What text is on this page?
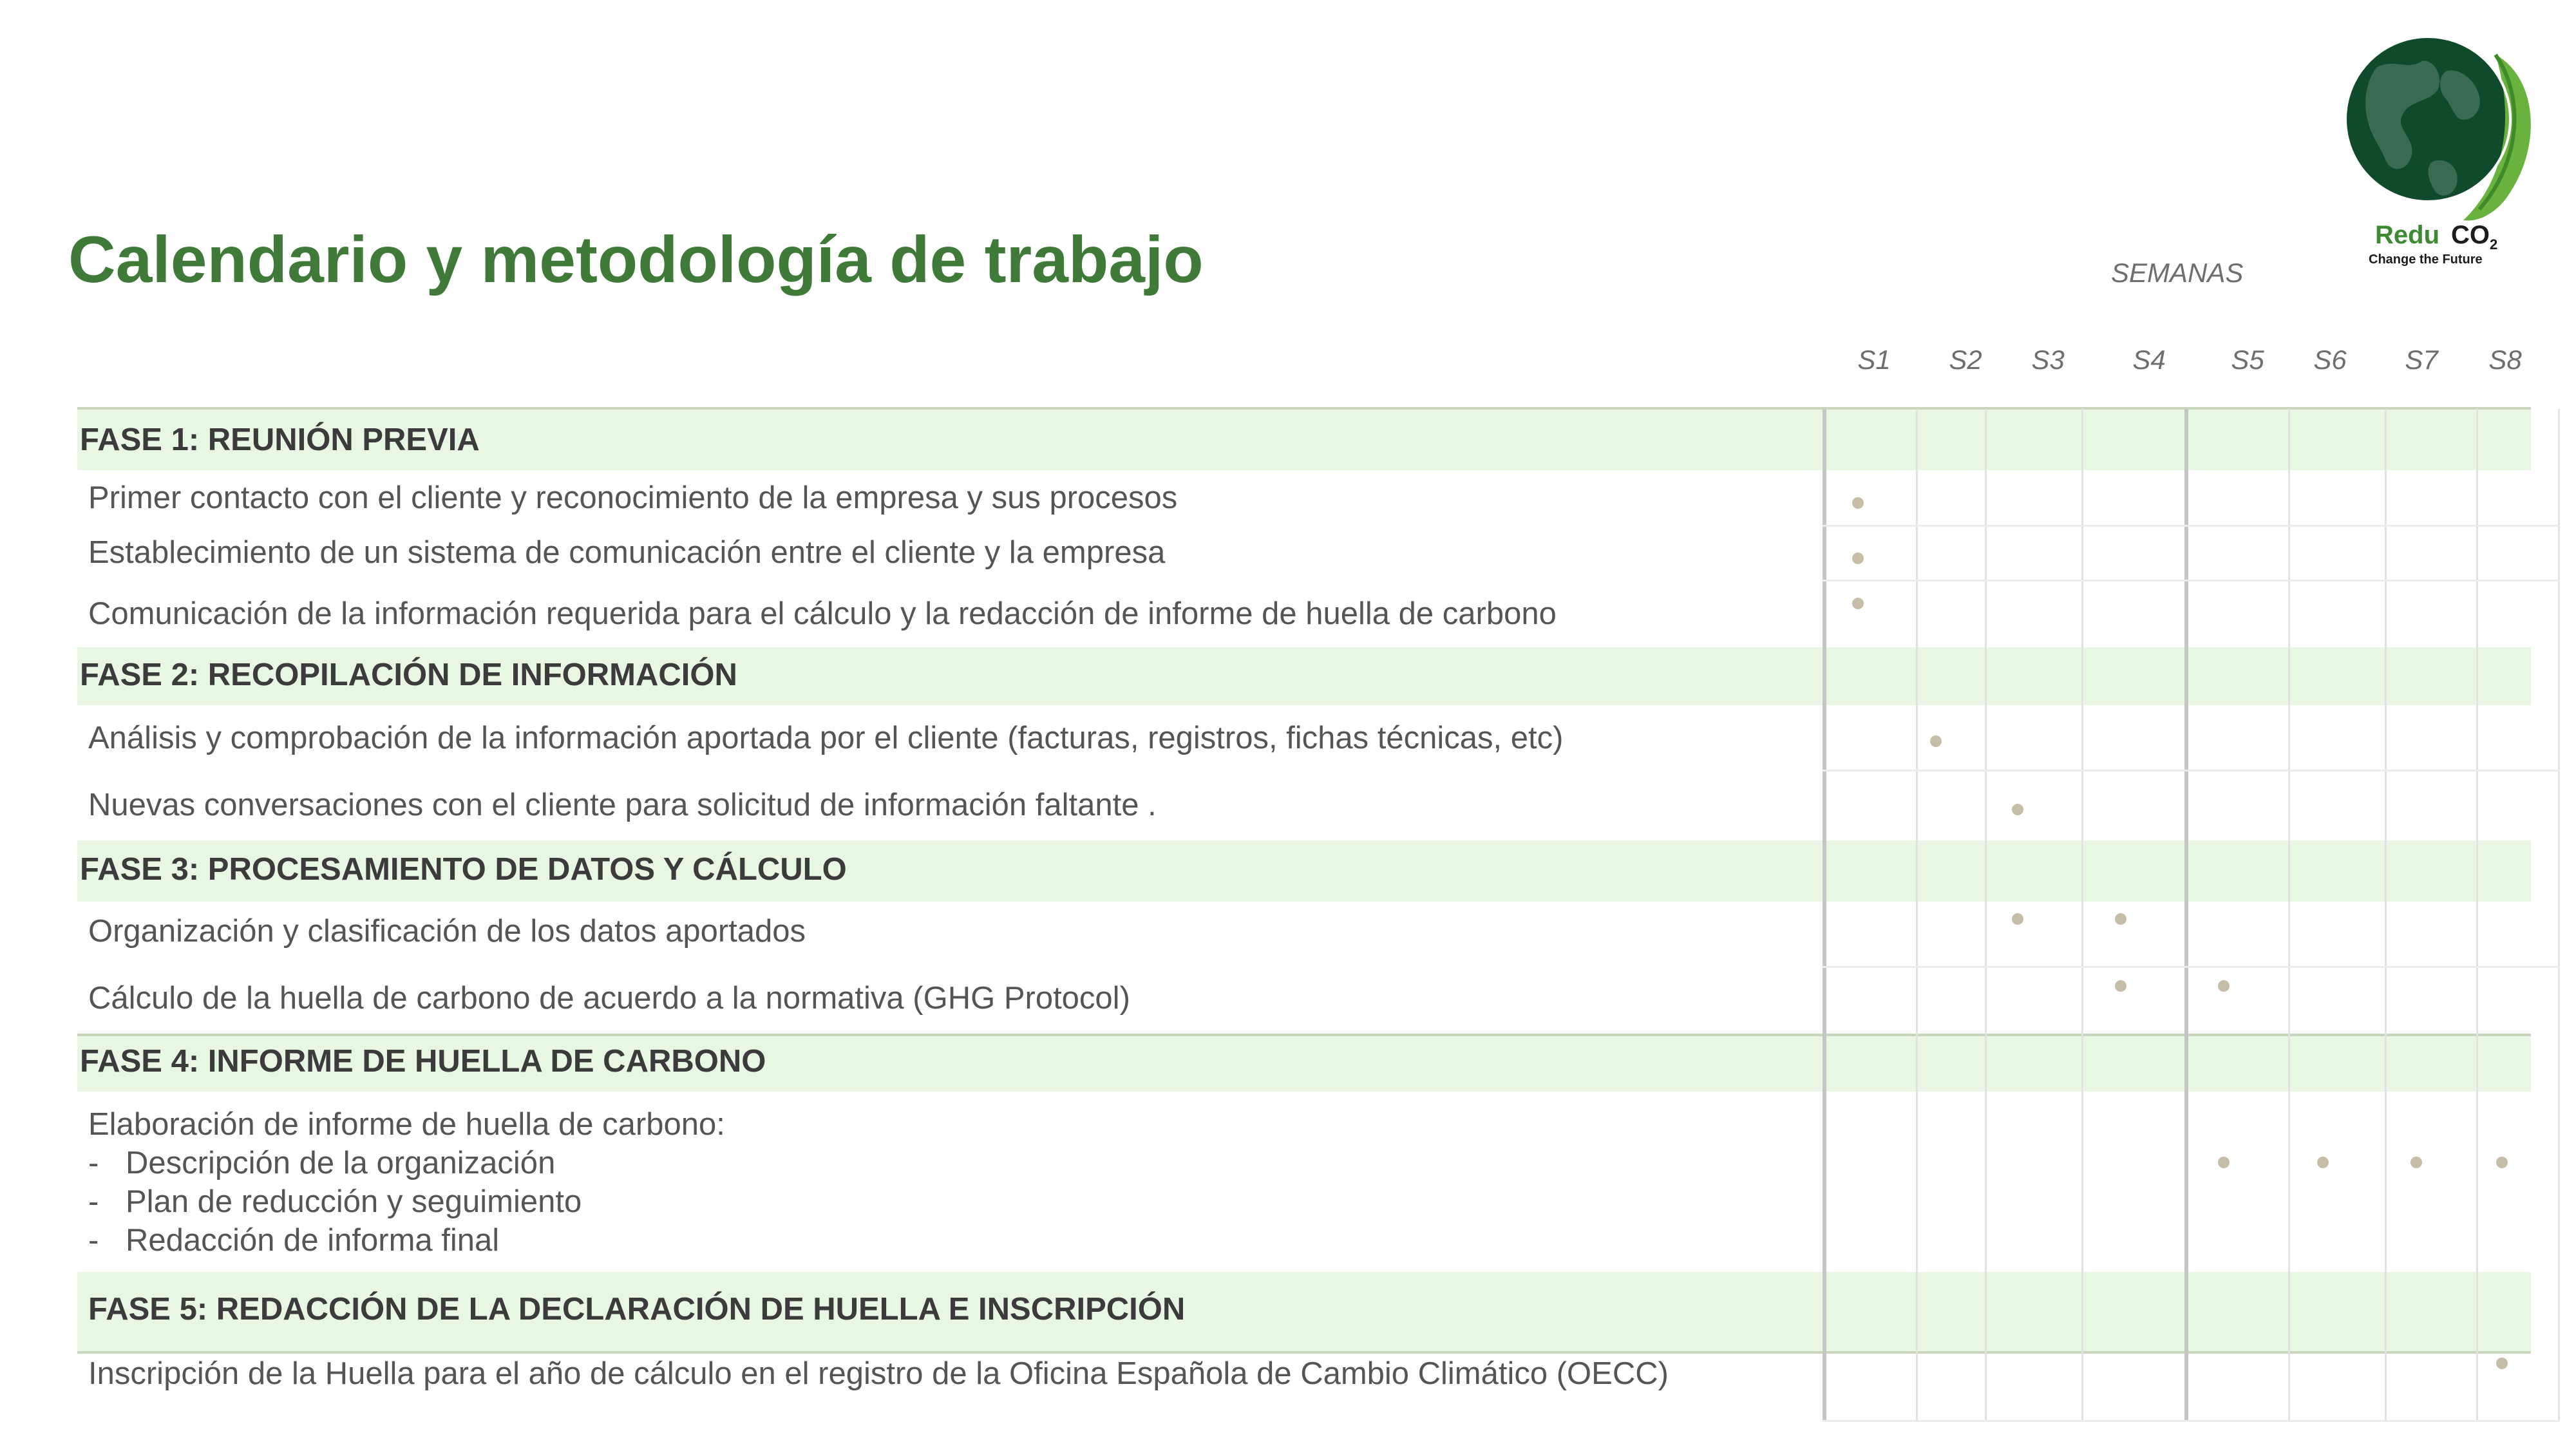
Calendario y metodología de trabajo	Redu $CO_2$
Change the Future
SEMANAS
S1 S2 S3	S4 S5 S6 S7 S8
FASE 1: REUNIÓN PREVIA
FASE 2: RECOPILACIÓN DE INFORMACIÓN
FASE 3: PROCESAMIENTO DE DATOS Y CÁLCULO
FASE 4: INFORME DE HUELLA DE CARBONO
FASE 5: REDACCIÓN DE LA DECLARACIÓN DE HUELLA E INSCRIPCIÓN
Primer contacto con el cliente y reconocimiento de la empresa y sus procesos
Establecimiento de un sistema de comunicación entre el cliente y la empresa
Comunicación de la información requerida para el cálculo y la redacción de informe de huella de carbono
Análisis y comprobación de la información aportada por el cliente (facturas, registros, fichas técnicas, etc)
Nuevas conversaciones con el cliente para solicitud de información faltante .
Organización y clasificación de los datos aportados
Cálculo de la huella de carbono de acuerdo a la normativa (GHG Protocol)
Elaboración de informe de huella de carbono:
- Descripción de la organización
- Plan de reducción y seguimiento
- Redacción de informa final
Inscripción de la Huella para el año de cálculo en el registro de la Oficina Española de Cambio Climático (OECC)
